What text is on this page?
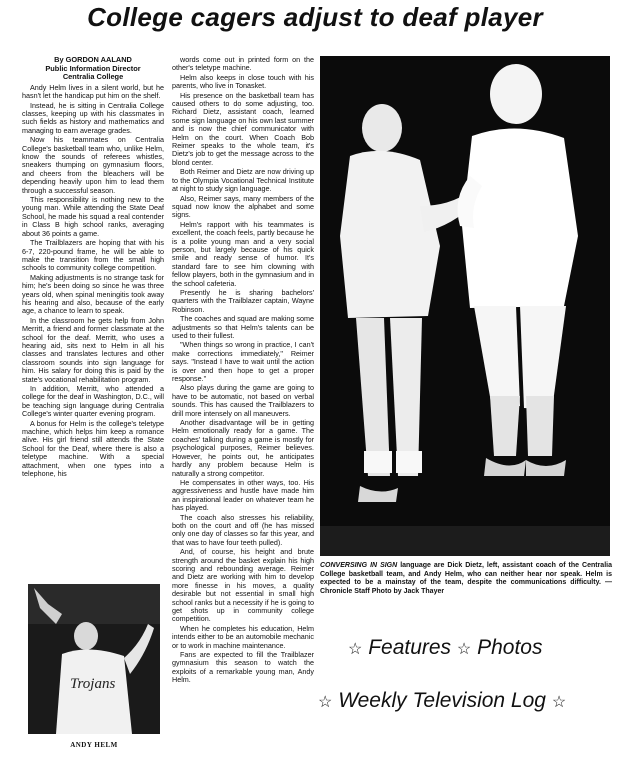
College cagers adjust to deaf player
By GORDON AALAND
Public Information Director
Centralia College

Andy Helm lives in a silent world, but he hasn't let the handicap put him on the shelf.

Instead, he is sitting in Centralia College classes, keeping up with his classmates in such fields as history and mathematics and managing to earn average grades.

Now his teammates on Centralia College's basketball team who, unlike Helm, know the sounds of referees whistles, sneakers thumping on gymnasium floors, and cheers from the bleachers will be depending heavily upon him to lead them through a successful season.

This responsibility is nothing new to the young man. While attending the State Deaf School, he made his squad a real contender in Class B high school ranks, averaging about 36 points a game.

The Trailblazers are hoping that with his 6-7, 220-pound frame, he will be able to make the transition from the small high schools to community college competition.

Making adjustments is no strange task for him; he's been doing so since he was three years old, when spinal meningitis took away his hearing and also, because of the early age, a chance to learn to speak.

In the classroom he gets help from John Merritt, a friend and former classmate at the school for the deaf. Merritt, who uses a hearing aid, sits next to Helm in all his classes and translates lectures and other classroom sounds into sign language for him. His salary for doing this is paid by the state's vocational rehabilitation program.

In addition, Merritt, who attended a college for the deaf in Washington, D.C., will be teaching sign language during Centralia College's winter quarter evening program.

A bonus for Helm is the college's teletype machine, which helps him keep a romance alive. His girl friend still attends the State School for the Deaf, where there is also a teletype machine. With a special attachment, when one types into a telephone, his

words come out in printed form on the other's teletype machine.

Helm also keeps in close touch with his parents, who live in Tonasket.

His presence on the basketball team has caused others to do some adjusting, too. Richard Dietz, assistant coach, learned some sign language on his own last summer and is now the chief communicator with Helm on the court. When Coach Bob Reimer speaks to the whole team, it's Dietz's job to get the message across to the blond center.

Both Reimer and Dietz are now driving up to the Olympia Vocational Technical Institute at night to study sign language.

Also, Reimer says, many members of the squad now know the alphabet and some signs.

Helm's rapport with his teammates is excellent, the coach feels, partly because he is a polite young man and a very social person, but largely because of his quick smile and ready sense of humor. It's standard fare to see him clowning with fellow players, both in the gymnasium and in the school cafeteria.

Presently he is sharing bachelors' quarters with the Trailblazer captain, Wayne Robinson.

The coaches and squad are making some adjustments so that Helm's talents can be used to their fullest.

"When things so wrong in practice, I can't make corrections immediately," Reimer says. "Instead I have to wait until the action is over and then hope to get a proper response."

Also plays during the game are going to have to be automatic, not based on verbal sounds. This has caused the Trailblazers to drill more intensely on all maneuvers.

Another disadvantage will be in getting Helm emotionally ready for a game. The coaches' talking during a game is mostly for psychological purposes, Reimer believes. However, he points out, he anticipates hardly any problem because Helm is naturally a strong competitor.

He compensates in other ways, too. His aggressiveness and hustle have made him an inspirational leader on whatever team he has played.

The coach also stresses his reliability, both on the court and off (he has missed only one day of classes so far this year, and that was to have four teeth pulled).

And, of course, his height and brute strength around the basket explain his high scoring and rebounding average. Reimer and Dietz are working with him to develop more finesse in his moves, a quality desirable but not essential in small high school ranks but a necessity if he is going to get shots up in community college competition.

When he completes his education, Helm intends either to be an automobile mechanic or to work in machine maintenance.

Fans are expected to fill the Trailblazer gymnasium this season to watch the exploits of a remarkable young man, Andy Helm.

CONVERSING IN SIGN language are Dick Dietz, left, assistant coach of the Centralia College basketball team, and Andy Helm, who can neither hear nor speak. Helm is expected to be a mainstay of the team, despite the communications difficulty. — Chronicle Staff Photo by Jack Thayer
Trojans
ANDY HELM
☆ Features ☆ Photos
☆ Weekly Television Log ☆
